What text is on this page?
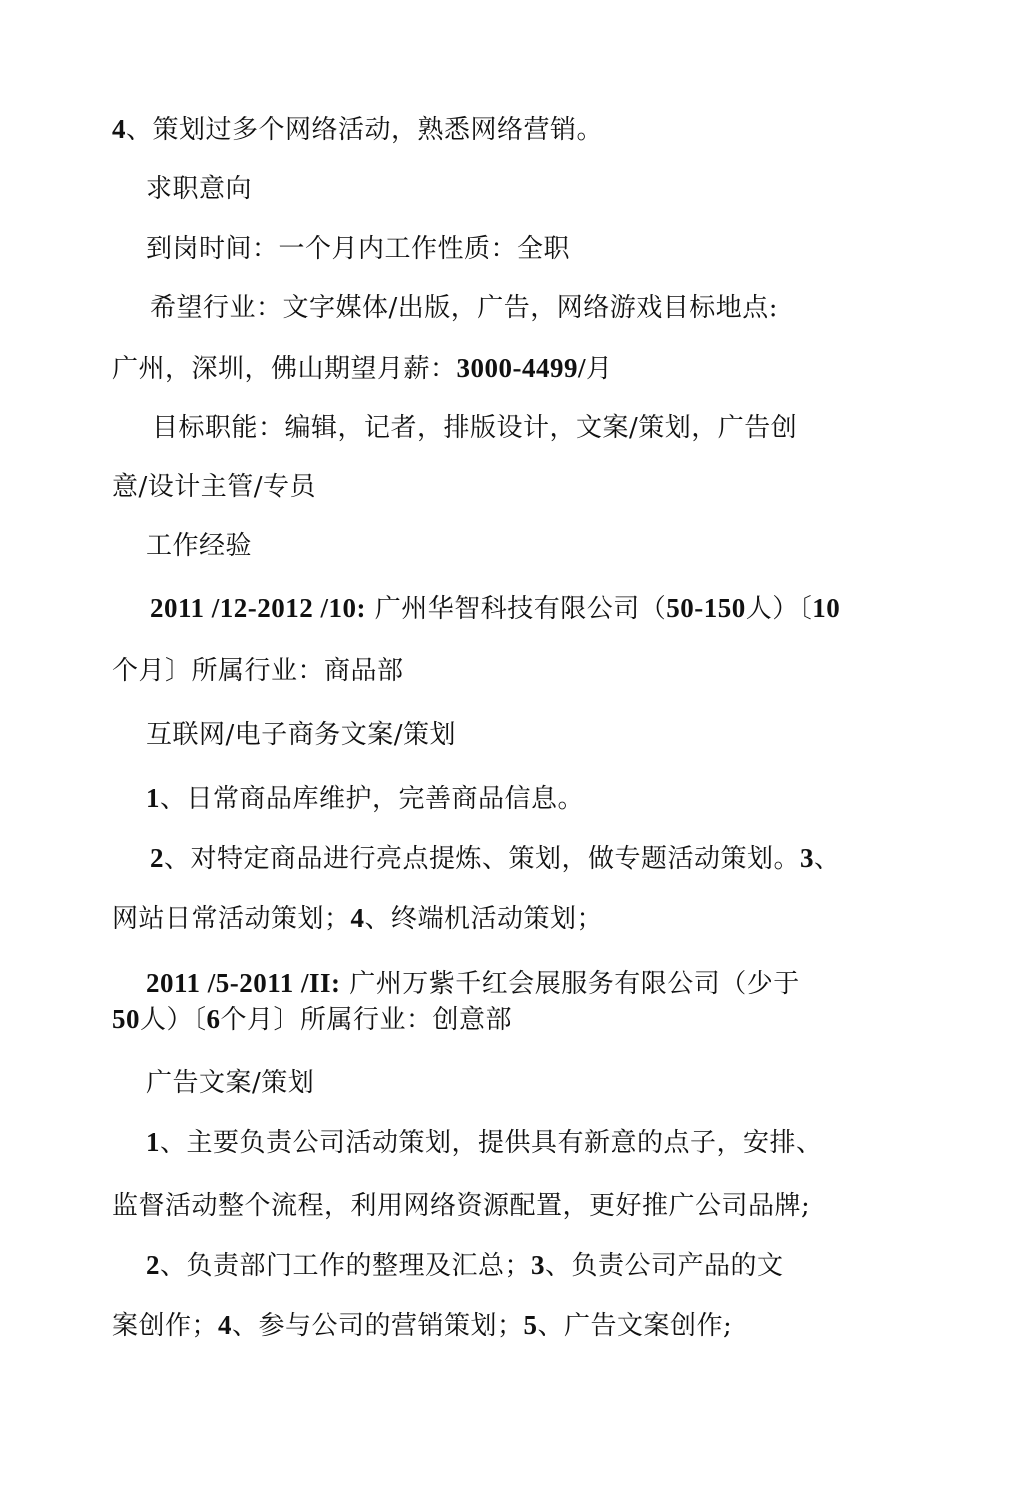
4、策划过多个网络活动，熟悉网络营销。
求职意向
到岗时间：一个月内工作性质：全职
希望行业：文字媒体/出版，广告，网络游戏目标地点:
广州，深圳，佛山期望月薪：3000-4499/月
目标职能：编辑，记者，排版设计，文案/策划，广告创
意/设计主管/专员
工作经验
2011 /12-2012 /10: 广州华智科技有限公司（50-150人）〔10
个月〕所属行业：商品部
互联网/电子商务文案/策划
1、日常商品库维护，完善商品信息。
2、对特定商品进行亮点提炼、策划，做专题活动策划。3、
网站日常活动策划；4、终端机活动策划；
2011 /5-2011 /II: 广州万紫千红会展服务有限公司（少于
50人）〔6个月〕所属行业：创意部
广告文案/策划
1、主要负责公司活动策划，提供具有新意的点子，安排、
监督活动整个流程，利用网络资源配置，更好推广公司品牌;
2、负责部门工作的整理及汇总；3、负责公司产品的文
案创作；4、参与公司的营销策划；5、广告文案创作;
